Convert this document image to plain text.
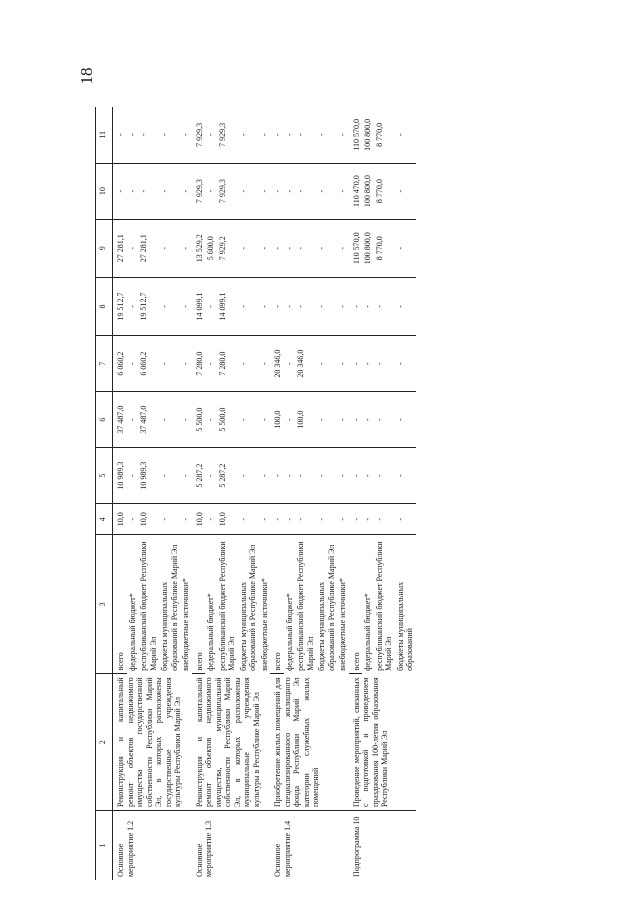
18
1	2	3	4	5	6	7	8	9	10	11
Основное мероприятие 1.2	Реконструкция и капитальный ремонт объектов недвижимого имущества государственной собственности Республики Марий Эл, в которых расположены государственные учреждения культуры Республики Марий Эл	всего	10,0	10 989,3	37 487,0	6 060,2	19 512,7	27 281,1	-	-
		федеральный бюджет*	-	-	-	-	-	-	-	-
		республиканский бюджет Республики Марий Эл	10,0	10 989,3	37 487,0	6 060,2	19 512,7	27 281,1	-	-
		бюджеты муниципальных образований в Республике Марий Эл	-	-	-	-	-	-	-	-
		внебюджетные источники*	-	-	-	-	-	-	-	-
Основное мероприятие 1.3	Реконструкция и капитальный ремонт объектов недвижимого имущества, муниципальной собственности Республики Марий Эл, в которых расположены муниципальные учреждения культуры в Республике Марий Эл	всего	10,0	5 287,2	5 500,0	7 280,0	14 099,1	13 529,2	7 929,3	7 929,3
		федеральный бюджет*	-	-	-	-	-	5 600,0	-	-
		республиканский бюджет Республики Марий Эл	10,0	5 287,2	5 500,0	7 280,0	14 099,1	7 929,2	7 929,3	7 929,3
		бюджеты муниципальных образований в Республике Марий Эл	-	-	-	-	-	-	-	-
		внебюджетные источники*	-	-	-	-	-	-	-	-
Основное мероприятие 1.4	Приобретение жилых помещений для специализированного жилищного фонда Республики Марий Эл категории служебных жилых помещений	всего	-	-	100,0	20 346,0	-	-	-	-
		федеральный бюджет*	-	-	-	-	-	-	-	-
		республиканский бюджет Республики Марий Эл	-	-	100,0	20 346,0	-	-	-	-
		бюджеты муниципальных образований в Республике Марий Эл	-	-	-	-	-	-	-	-
		внебюджетные источники*	-	-	-	-	-	-	-	-
Подпрограмма 10	Проведение мероприятий, связанных с подготовкой и проведением празднования 100-летия образования Республики Марий Эл	всего	-	-	-	-	-	110 570,0	110 470,0	110 570,0
		федеральный бюджет*	-	-	-	-	-	100 800,0	100 800,0	100 800,0
		республиканский бюджет Республики Марий Эл	-	-	-	-	-	8 770,0	8 770,0	8 770,0
		бюджеты муниципальных образований	-	-	-	-	-	-	-	-
